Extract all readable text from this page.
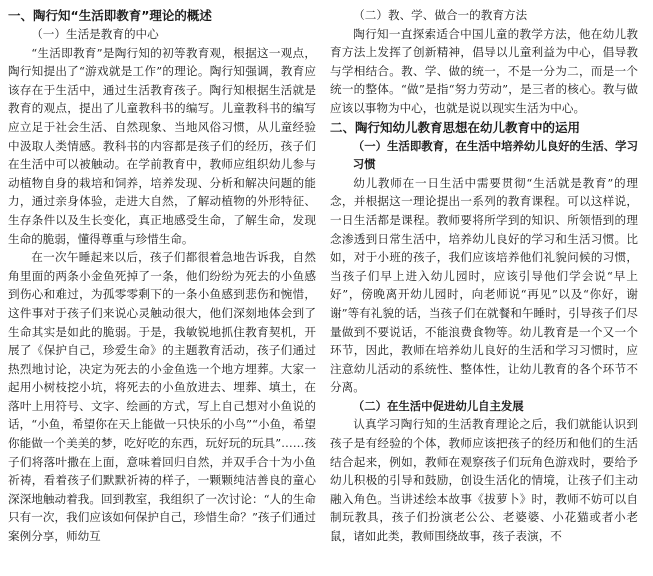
一、陶行知“生活即教育”理论的概述
（一）生活是教育的中心

“生活即教育”是陶行知的初等教育观，根据这一观点，陶行知提出了“游戏就是工作”的理论。陶行知强调，教育应该存在于生活中，通过生活教育孩子。陶行知根据生活就是教育的观点，提出了儿童教科书的编写。儿童教科书的编写应立足于社会生活、自然现象、当地风俗习惯，从儿童经验中汲取人类情感。教科书的内容都是孩子们的经历，孩子们在生活中可以被触动。在学前教育中，教师应组织幼儿参与动植物自身的栽培和饲养，培养发现、分析和解决问题的能力，通过亲身体验，走进大自然，了解动植物的外形特征、生存条件以及生长变化，真正地感受生命，了解生命，发现生命的脆弱，懂得尊重与珍惜生命。

在一次午睡起来以后，孩子们都很着急地告诉我，自然角里面的两条小金鱼死掉了一条，他们纷纷为死去的小鱼感到伤心和难过，为孤零零剩下的一条小鱼感到悲伤和惋惜，这件事对于孩子们来说心灵触动很大，他们深刻地体会到了生命其实是如此的脆弱。于是，我敏锐地抓住教育契机，开展了《保护自己，珍爱生命》的主题教育活动，孩子们通过热烈地讨论，决定为死去的小金鱼选一个地方埋葬。大家一起用小树枝挖小坑，将死去的小鱼放进去、埋葬、填土，在落叶上用符号、文字、绘画的方式，写上自己想对小鱼说的话，“小鱼，希望你在天上能做一只快乐的小鸟”“小鱼，希望你能做一个美美的梦，吃好吃的东西，玩好玩的玩具”……孩子们将落叶撒在上面，意味着回归自然，并双手合十为小鱼祈祷，看着孩子们默默祈祷的样子，一颗颗纯洁善良的童心深深地触动着我。回到教室，我组织了一次讨论：“人的生命只有一次，我们应该如何保护自己，珍惜生命？”孩子们通过案例分享，师幼互

（二）教、学、做合一的教育方法

陶行知一直探索适合中国儿童的教学方法，他在幼儿教育方法上发挥了创新精神，倡导以儿童利益为中心，倡导教与学相结合。教、学、做的统一，不是一分为二，而是一个统一的整体。“做”是指“努力劳动”，是三者的核心。教与做应该以事物为中心，也就是说以现实生活为中心。

二、陶行知幼儿教育思想在幼儿教育中的运用
（一）生活即教育，在生活中培养幼儿良好的生活、学习习惯

幼儿教师在一日生活中需要贯彻“生活就是教育”的理念，并根据这一理论提出一系列的教育课程。可以这样说，一日生活都是课程。教师要将所学到的知识、所领悟到的理念渗透到日常生活中，培养幼儿良好的学习和生活习惯。比如，对于小班的孩子，我们应该培养他们礼貌问候的习惯，当孩子们早上进入幼儿园时，应该引导他们学会说“早上好”，傍晚离开幼儿园时，向老师说“再见”以及“你好，谢谢”等有礼貌的话，当孩子们在就餐和午睡时，引导孩子们尽量做到不要说话，不能浪费食物等。幼儿教育是一个又一个环节，因此，教师在培养幼儿良好的生活和学习习惯时，应注意幼儿活动的系统性、整体性，让幼儿教育的各个环节不分离。

（二）在生活中促进幼儿自主发展

认真学习陶行知的生活教育理论之后，我们就能认识到孩子是有经验的个体，教师应该把孩子的经历和他们的生活结合起来，例如，教师在观察孩子们玩角色游戏时，要给予幼儿积极的引导和鼓励，创设生活化的情境，让孩子们主动融入角色。当讲述绘本故事《拔萝卜》时，教师不妨可以自制玩教具，孩子们扮演老公公、老婆婆、小花猫或者小老鼠，诸如此类，教师围绕故事，孩子表演，不
